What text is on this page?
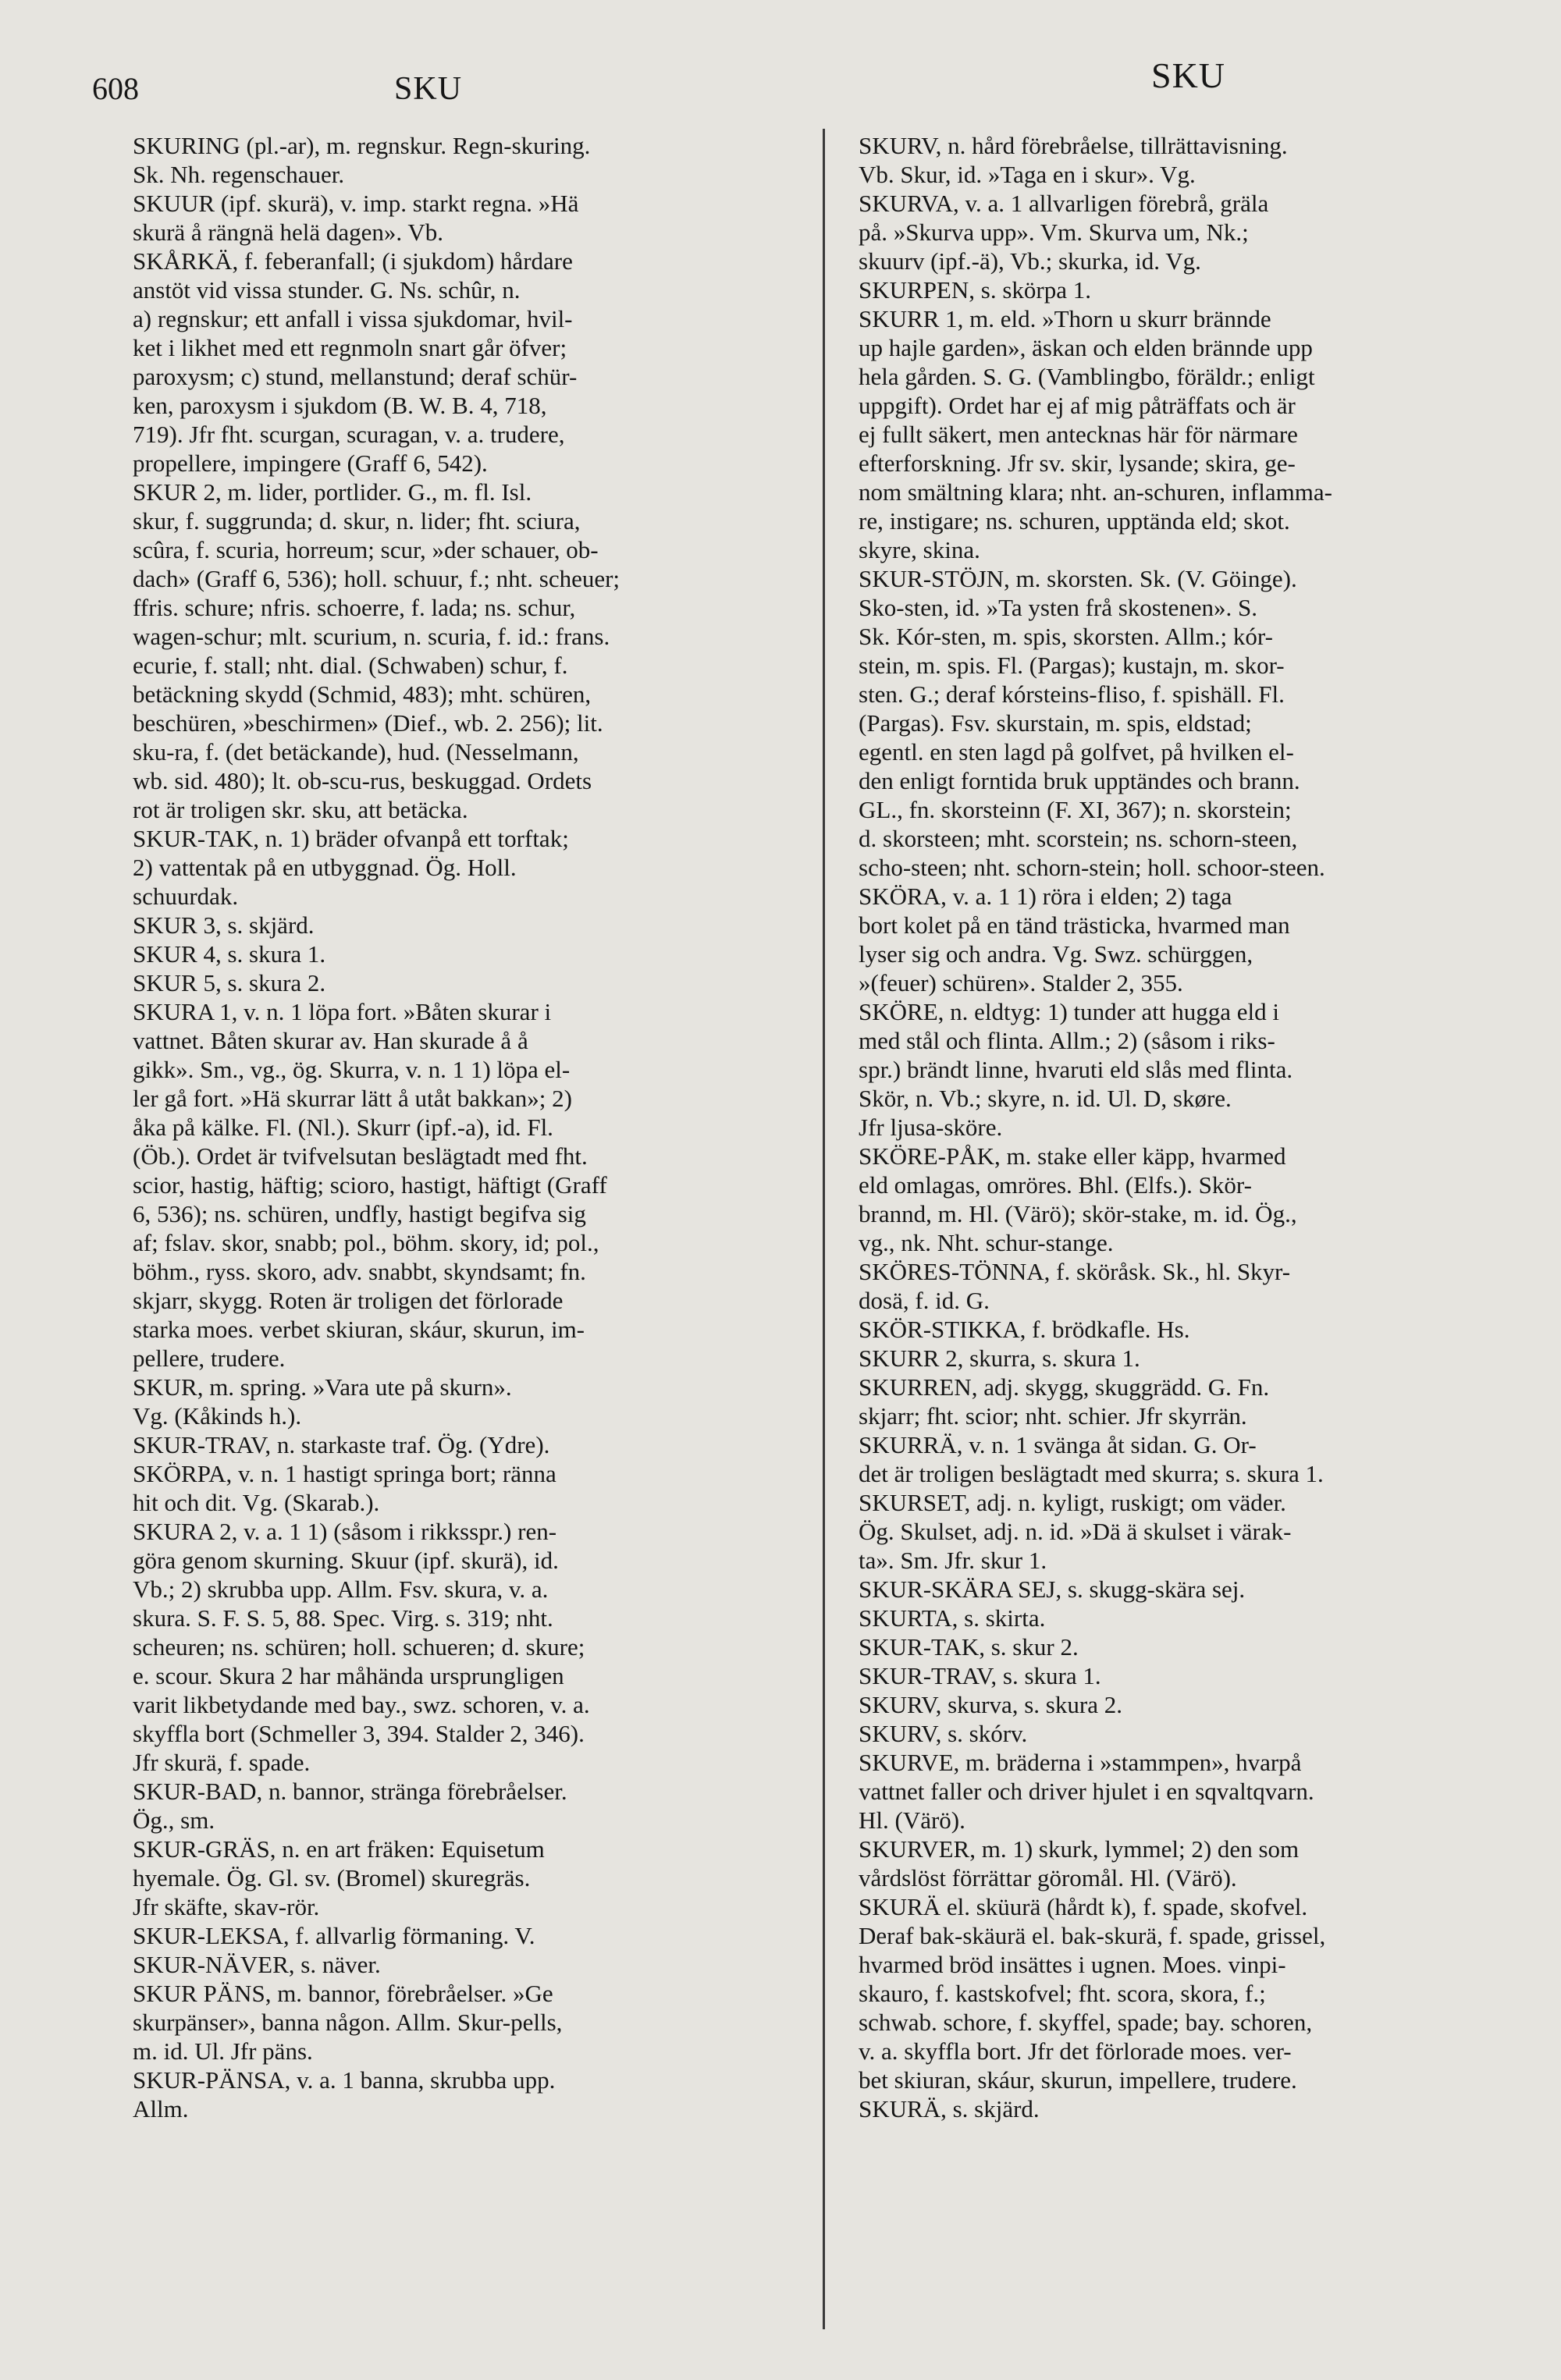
608	SKU	SKU

SKURING (pl.-ar), m. regnskur. Regn-skuring.

Sk. Nh. regenschauer.

SKUUR (ipf. skurä), v. imp. starkt regna. »Hä

skurä å rängnä helä dagen». Vb.

SKÅRKÄ, f. feberanfall; (i sjukdom) hårdare

anstöt vid vissa stunder. G. Ns. schûr, n.

a) regnskur; ett anfall i vissa sjukdomar, hvil-

ket i likhet med ett regnmoln snart går öfver;

paroxysm; c) stund, mellanstund; deraf schür-

ken, paroxysm i sjukdom (B. W. B. 4, 718,

719). Jfr fht. scurgan, scuragan, v. a. trudere,

propellere, impingere (Graff 6, 542).

SKUR 2, m. lider, portlider. G., m. fl. Isl.

skur, f. suggrunda; d. skur, n. lider; fht. sciura,

scûra, f. scuria, horreum; scur, »der schauer, ob-

dach» (Graff 6, 536); holl. schuur, f.; nht. scheuer;

ffris. schure; nfris. schoerre, f. lada; ns. schur,

wagen-schur; mlt. scurium, n. scuria, f. id.: frans.

ecurie, f. stall; nht. dial. (Schwaben) schur, f.

betäckning skydd (Schmid, 483); mht. schüren,

beschüren, »beschirmen» (Dief., wb. 2. 256); lit.

sku-ra, f. (det betäckande), hud. (Nesselmann,

wb. sid. 480); lt. ob-scu-rus, beskuggad. Ordets

rot är troligen skr. sku, att betäcka.

SKUR-TAK, n. 1) bräder ofvanpå ett torftak;

2) vattentak på en utbyggnad. Ög. Holl.

schuurdak.

SKUR 3, s. skjärd.

SKUR 4, s. skura 1.

SKUR 5, s. skura 2.

SKURA 1, v. n. 1 löpa fort. »Båten skurar i

vattnet. Båten skurar av. Han skurade å å

gikk». Sm., vg., ög. Skurra, v. n. 1 1) löpa el-

ler gå fort. »Hä skurrar lätt å utåt bakkan»; 2)

åka på kälke. Fl. (Nl.). Skurr (ipf.-a), id. Fl.

(Öb.). Ordet är tvifvelsutan beslägtadt med fht.

scior, hastig, häftig; scioro, hastigt, häftigt (Graff

6, 536); ns. schüren, undfly, hastigt begifva sig

af; fslav. skor, snabb; pol., böhm. skory, id; pol.,

böhm., ryss. skoro, adv. snabbt, skyndsamt; fn.

skjarr, skygg. Roten är troligen det förlorade

starka moes. verbet skiuran, skáur, skurun, im-

pellere, trudere.

SKUR, m. spring. »Vara ute på skurn».

Vg. (Kåkinds h.).

SKUR-TRAV, n. starkaste traf. Ög. (Ydre).

SKÖRPA, v. n. 1 hastigt springa bort; ränna

hit och dit. Vg. (Skarab.).

SKURA 2, v. a. 1 1) (såsom i rikksspr.) ren-

göra genom skurning. Skuur (ipf. skurä), id.

Vb.; 2) skrubba upp. Allm. Fsv. skura, v. a.

skura. S. F. S. 5, 88. Spec. Virg. s. 319; nht.

scheuren; ns. schüren; holl. schueren; d. skure;

e. scour. Skura 2 har måhända ursprungligen

varit likbetydande med bay., swz. schoren, v. a.

skyffla bort (Schmeller 3, 394. Stalder 2, 346).

Jfr skurä, f. spade.

SKUR-BAD, n. bannor, stränga förebråelser.

Ög., sm.

SKUR-GRÄS, n. en art fräken: Equisetum

hyemale. Ög. Gl. sv. (Bromel) skuregräs.

Jfr skäfte, skav-rör.

SKUR-LEKSA, f. allvarlig förmaning. V.

SKUR-NÄVER, s. näver.

SKUR PÄNS, m. bannor, förebråelser. »Ge

skurpänser», banna någon. Allm. Skur-pells,

m. id. Ul. Jfr päns.

SKUR-PÄNSA, v. a. 1 banna, skrubba upp.

Allm.

SKURV, n. hård förebråelse, tillrättavisning.

Vb. Skur, id. »Taga en i skur». Vg.

SKURVA, v. a. 1 allvarligen förebrå, gräla

på. »Skurva upp». Vm. Skurva um, Nk.;

skuurv (ipf.-ä), Vb.; skurka, id. Vg.

SKURPEN, s. skörpa 1.

SKURR 1, m. eld. »Thorn u skurr brännde

up hajle garden», äskan och elden brännde upp

hela gården. S. G. (Vamblingbo, föräldr.; enligt

uppgift). Ordet har ej af mig påträffats och är

ej fullt säkert, men antecknas här för närmare

efterforskning. Jfr sv. skir, lysande; skira, ge-

nom smältning klara; nht. an-schuren, inflamma-

re, instigare; ns. schuren, upptända eld; skot.

skyre, skina.

SKUR-STÖJN, m. skorsten. Sk. (V. Göinge).

Sko-sten, id. »Ta ysten frå skostenen». S.

Sk. Kór-sten, m. spis, skorsten. Allm.; kór-

stein, m. spis. Fl. (Pargas); kustajn, m. skor-

sten. G.; deraf kórsteins-fliso, f. spishäll. Fl.

(Pargas). Fsv. skurstain, m. spis, eldstad;

egentl. en sten lagd på golfvet, på hvilken el-

den enligt forntida bruk upptändes och brann.

GL., fn. skorsteinn (F. XI, 367); n. skorstein;

d. skorsteen; mht. scorstein; ns. schorn-steen,

scho-steen; nht. schorn-stein; holl. schoor-steen.

SKÖRA, v. a. 1 1) röra i elden; 2) taga

bort kolet på en tänd trästicka, hvarmed man

lyser sig och andra. Vg. Swz. schürggen,

»(feuer) schüren». Stalder 2, 355.

SKÖRE, n. eldtyg: 1) tunder att hugga eld i

med stål och flinta. Allm.; 2) (såsom i riks-

spr.) brändt linne, hvaruti eld slås med flinta.

Skör, n. Vb.; skyre, n. id. Ul. D, skøre.

Jfr ljusa-sköre.

SKÖRE-PÅK, m. stake eller käpp, hvarmed

eld omlagas, omröres. Bhl. (Elfs.). Skör-

brannd, m. Hl. (Värö); skör-stake, m. id. Ög.,

vg., nk. Nht. schur-stange.

SKÖRES-TÖNNA, f. sköråsk. Sk., hl. Skyr-

dosä, f. id. G.

SKÖR-STIKKA, f. brödkafle. Hs.

SKURR 2, skurra, s. skura 1.

SKURREN, adj. skygg, skuggrädd. G. Fn.

skjarr; fht. scior; nht. schier. Jfr skyrrän.

SKURRÄ, v. n. 1 svänga åt sidan. G. Or-

det är troligen beslägtadt med skurra; s. skura 1.

SKURSET, adj. n. kyligt, ruskigt; om väder.

Ög. Skulset, adj. n. id. »Dä ä skulset i värak-

ta». Sm. Jfr. skur 1.

SKUR-SKÄRA SEJ, s. skugg-skära sej.

SKURTA, s. skirta.

SKUR-TAK, s. skur 2.

SKUR-TRAV, s. skura 1.

SKURV, skurva, s. skura 2.

SKURV, s. skórv.

SKURVE, m. bräderna i »stammpen», hvarpå

vattnet faller och driver hjulet i en sqvaltqvarn.

Hl. (Värö).

SKURVER, m. 1) skurk, lymmel; 2) den som

vårdslöst förrättar göromål. Hl. (Värö).

SKURÄ el. sküurä (hårdt k), f. spade, skofvel.

Deraf bak-skäurä el. bak-skurä, f. spade, grissel,

hvarmed bröd insättes i ugnen. Moes. vinpi-

skauro, f. kastskofvel; fht. scora, skora, f.;

schwab. schore, f. skyffel, spade; bay. schoren,

v. a. skyffla bort. Jfr det förlorade moes. ver-

bet skiuran, skáur, skurun, impellere, trudere.

SKURÄ, s. skjärd.
